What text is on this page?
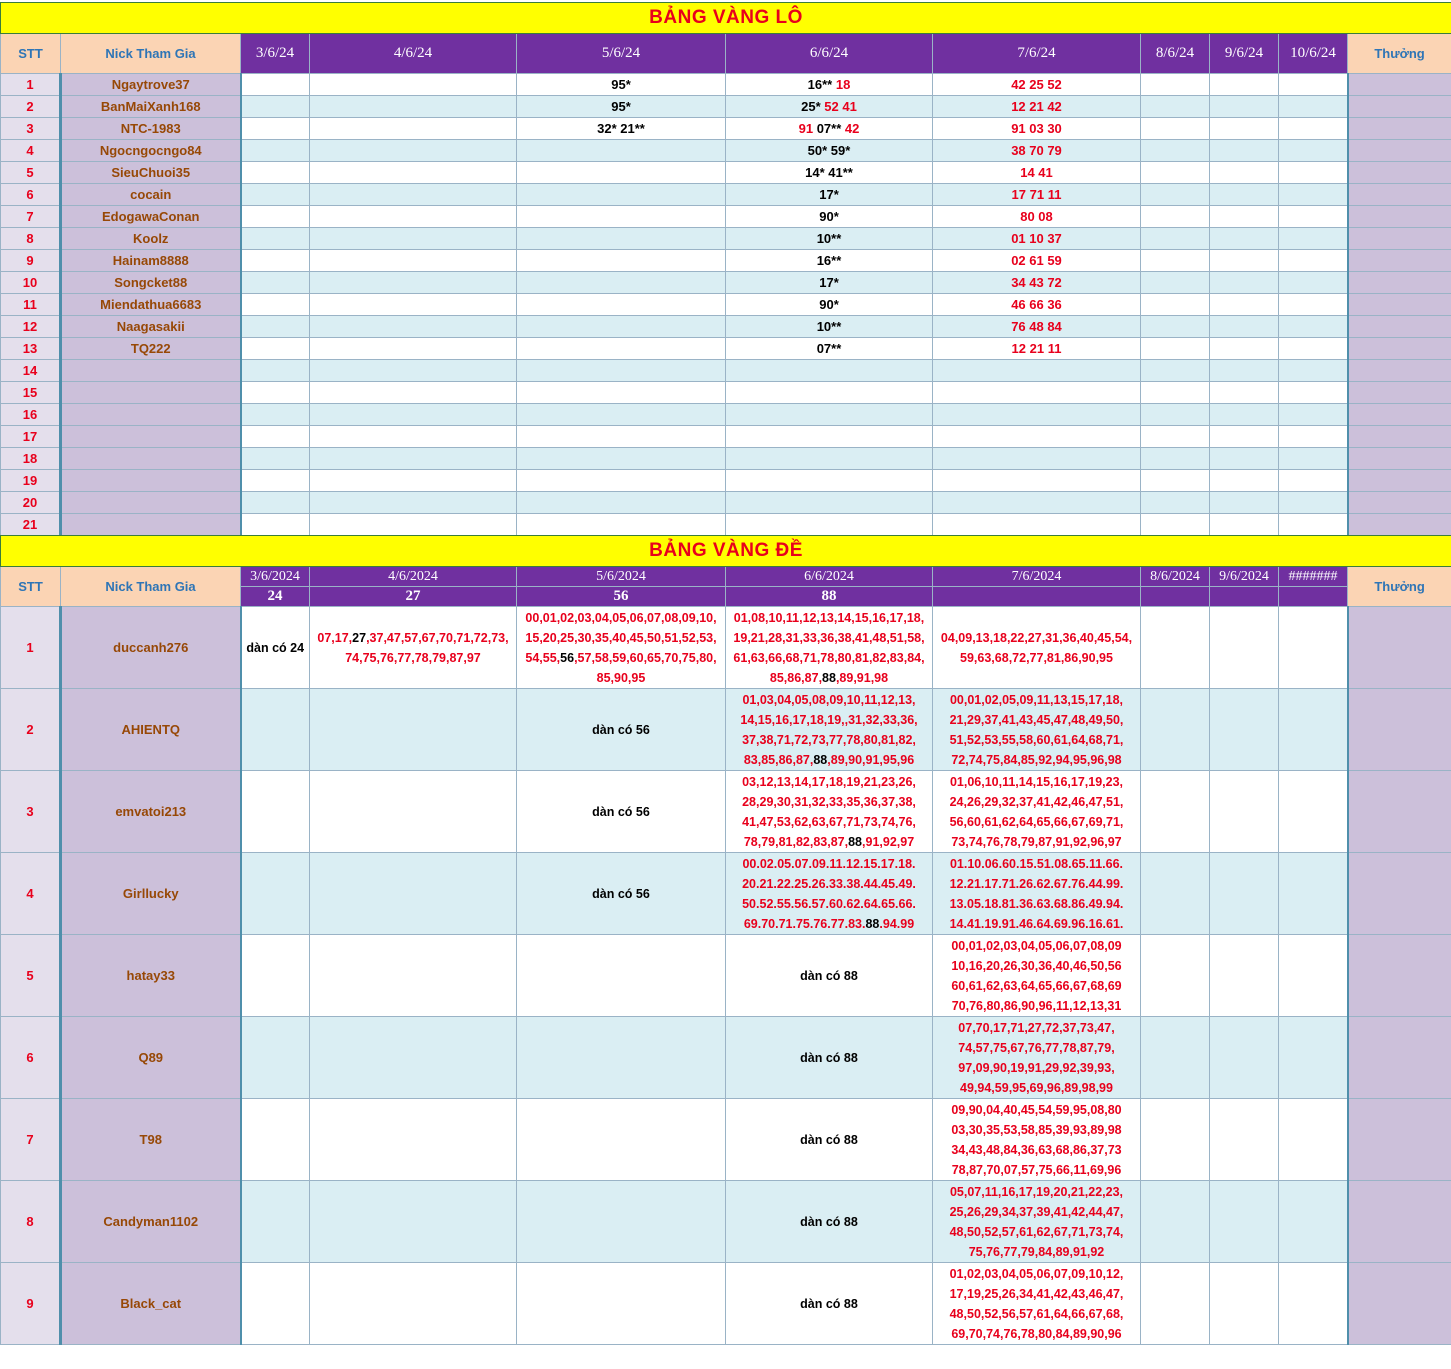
BẢNG VÀNG LÔ										
STT	Nick Tham Gia	3/6/24	4/6/24	5/6/24	6/6/24	7/6/24	8/6/24	9/6/24	10/6/24	Thưởng
1	Ngaytrove37			95*	16** 18	42 25 52				
2	BanMaiXanh168			95*	25* 52 41	12 21 42				
3	NTC-1983			32* 21**	91 07** 42	91 03 30				
4	Ngocngocngo84				50* 59*	38 70 79				
5	SieuChuoi35				14* 41**	14 41				
6	cocain				17*	17 71 11				
7	EdogawaConan				90*	80 08				
8	Koolz				10**	01 10 37				
9	Hainam8888				16**	02 61 59				
10	Songcket88				17*	34 43 72				
11	Miendathua6683				90*	46 66 36				
12	Naagasakii				10**	76 48 84				
13	TQ222				07**	12 21 11				
14										
15										
16										
17										
18										
19										
20										
21										
BẢNG VÀNG ĐỀ										
STT	Nick Tham Gia	3/6/2024	4/6/2024	5/6/2024	6/6/2024	7/6/2024	8/6/2024	9/6/2024	#######	Thưởng
		24	27	56	88					
1	duccanh276	dàn có 24	07,17,27,37,47,57,67,70,71,72,73,
74,75,76,77,78,79,87,97	00,01,02,03,04,05,06,07,08,09,10,
15,20,25,30,35,40,45,50,51,52,53,
54,55,56,57,58,59,60,65,70,75,80,
85,90,95	01,08,10,11,12,13,14,15,16,17,18,
19,21,28,31,33,36,38,41,48,51,58,
61,63,66,68,71,78,80,81,82,83,84,
85,86,87,88,89,91,98	04,09,13,18,22,27,31,36,40,45,54,
59,63,68,72,77,81,86,90,95				
2	AHIENTQ			dàn có 56	01,03,04,05,08,09,10,11,12,13,
14,15,16,17,18,19,,31,32,33,36,
37,38,71,72,73,77,78,80,81,82,
83,85,86,87,88,89,90,91,95,96	00,01,02,05,09,11,13,15,17,18,
21,29,37,41,43,45,47,48,49,50,
51,52,53,55,58,60,61,64,68,71,
72,74,75,84,85,92,94,95,96,98				
3	emvatoi213			dàn có 56	03,12,13,14,17,18,19,21,23,26,
28,29,30,31,32,33,35,36,37,38,
41,47,53,62,63,67,71,73,74,76,
78,79,81,82,83,87,88,91,92,97	01,06,10,11,14,15,16,17,19,23,
24,26,29,32,37,41,42,46,47,51,
56,60,61,62,64,65,66,67,69,71,
73,74,76,78,79,87,91,92,96,97				
4	Girllucky			dàn có 56	00.02.05.07.09.11.12.15.17.18.
20.21.22.25.26.33.38.44.45.49.
50.52.55.56.57.60.62.64.65.66.
69.70.71.75.76.77.83.88.94.99	01.10.06.60.15.51.08.65.11.66.
12.21.17.71.26.62.67.76.44.99.
13.05.18.81.36.63.68.86.49.94.
14.41.19.91.46.64.69.96.16.61.				
5	hatay33				dàn có 88	00,01,02,03,04,05,06,07,08,09
10,16,20,26,30,36,40,46,50,56
60,61,62,63,64,65,66,67,68,69
70,76,80,86,90,96,11,12,13,31				
6	Q89				dàn có 88	07,70,17,71,27,72,37,73,47,
74,57,75,67,76,77,78,87,79,
97,09,90,19,91,29,92,39,93,
49,94,59,95,69,96,89,98,99				
7	T98				dàn có 88	09,90,04,40,45,54,59,95,08,80
03,30,35,53,58,85,39,93,89,98
34,43,48,84,36,63,68,86,37,73
78,87,70,07,57,75,66,11,69,96				
8	Candyman1102				dàn có 88	05,07,11,16,17,19,20,21,22,23,
25,26,29,34,37,39,41,42,44,47,
48,50,52,57,61,62,67,71,73,74,
75,76,77,79,84,89,91,92				
9	Black_cat				dàn có 88	01,02,03,04,05,06,07,09,10,12,
17,19,25,26,34,41,42,43,46,47,
48,50,52,56,57,61,64,66,67,68,
69,70,74,76,78,80,84,89,90,96				
